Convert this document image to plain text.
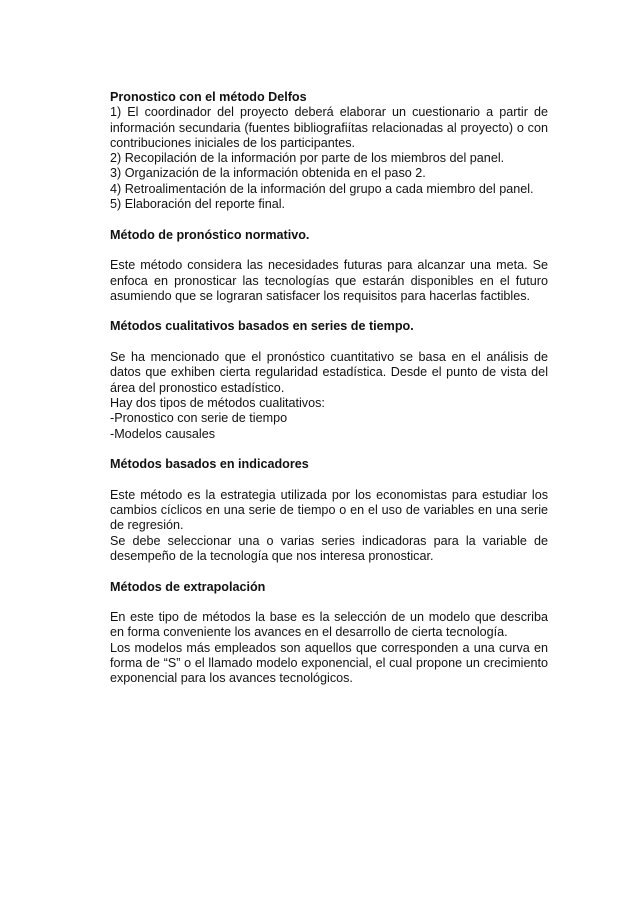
Pronostico con el método Delfos

1) El coordinador del proyecto deberá elaborar un cuestionario a partir de información secundaria (fuentes bibliografiítas relacionadas al proyecto) o con contribuciones iniciales de los participantes.

2) Recopilación de la información por parte de los miembros del panel.

3) Organización de la información obtenida en el paso 2.

4) Retroalimentación de la información del grupo a cada miembro del panel.

5) Elaboración del reporte final.

Método de pronóstico normativo.

Este método considera las necesidades futuras para alcanzar una meta. Se enfoca en pronosticar las tecnologías que estarán disponibles en el futuro asumiendo que se lograran satisfacer los requisitos para hacerlas factibles.

Métodos cualitativos basados en series de tiempo.

Se ha mencionado que el pronóstico cuantitativo se basa en el análisis de datos que exhiben cierta regularidad estadística. Desde el punto de vista del área del pronostico estadístico.

Hay dos tipos de métodos cualitativos:

-Pronostico con serie de tiempo

-Modelos causales

Métodos basados en indicadores

Este método es la estrategia utilizada por los economistas para estudiar los cambios cíclicos en una serie de tiempo o en el uso de variables en una serie de regresión.

Se debe seleccionar una o varias series indicadoras para la variable de desempeño de la tecnología que nos interesa pronosticar.

Métodos de extrapolación

En este tipo de métodos la base es la selección de un modelo que describa en forma conveniente los avances en el desarrollo de cierta tecnología.

Los modelos más empleados son aquellos que corresponden a una curva en forma de “S” o el llamado modelo exponencial, el cual propone un crecimiento exponencial para los avances tecnológicos.
